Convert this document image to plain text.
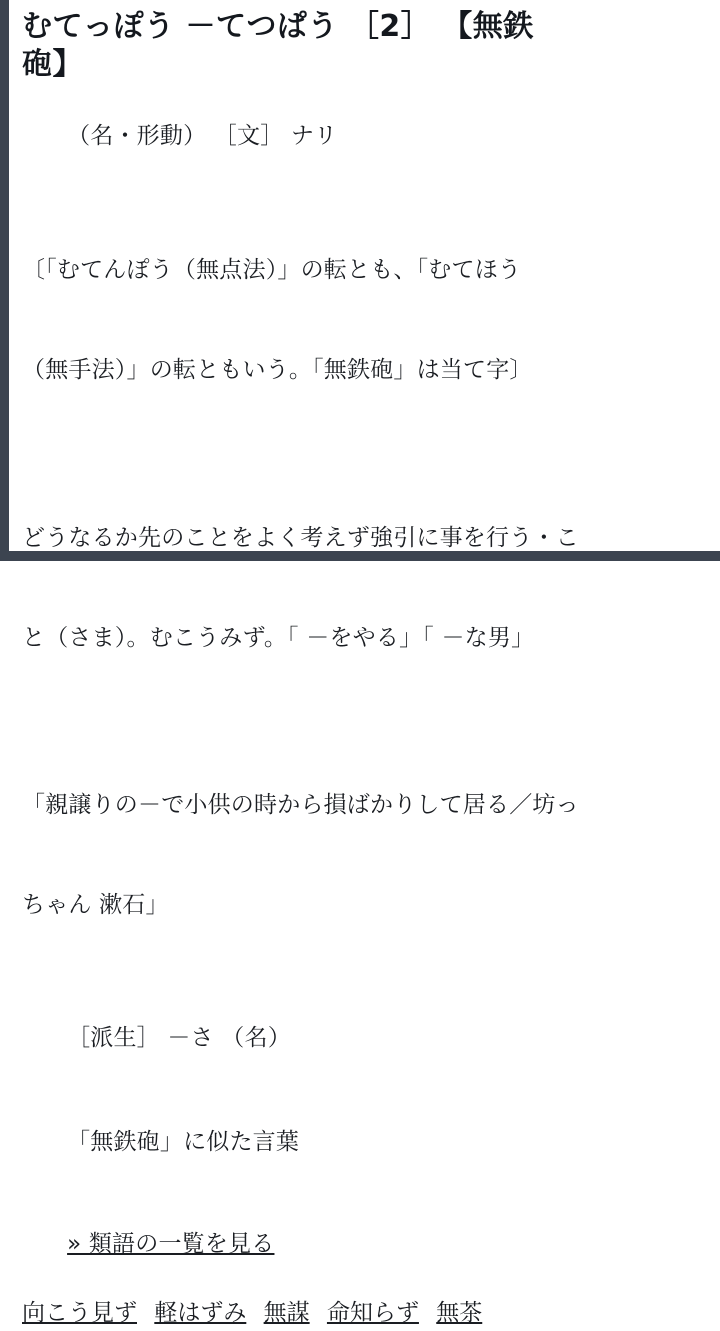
むてっぽう －てつぱう ［2］ 【無鉄
砲】

（名・形動） ［文］ ナリ

〔「むてんぽう（無点法）」の転とも、「むてほう

（無手法）」の転ともいう。「無鉄砲」は当て字〕

どうなるか先のことをよく考えず強引に事を行う・こ

と（さま）。むこうみず。「 －をやる」「 －な男」

「親譲りの－で小供の時から損ばかりして居る／坊っ

ちゃん 漱石」

［派生］ －さ （名）

「無鉄砲」に似た言葉

» 類語の一覧を見る

向こう見ず 軽はずみ 無謀 命知らず 無茶
